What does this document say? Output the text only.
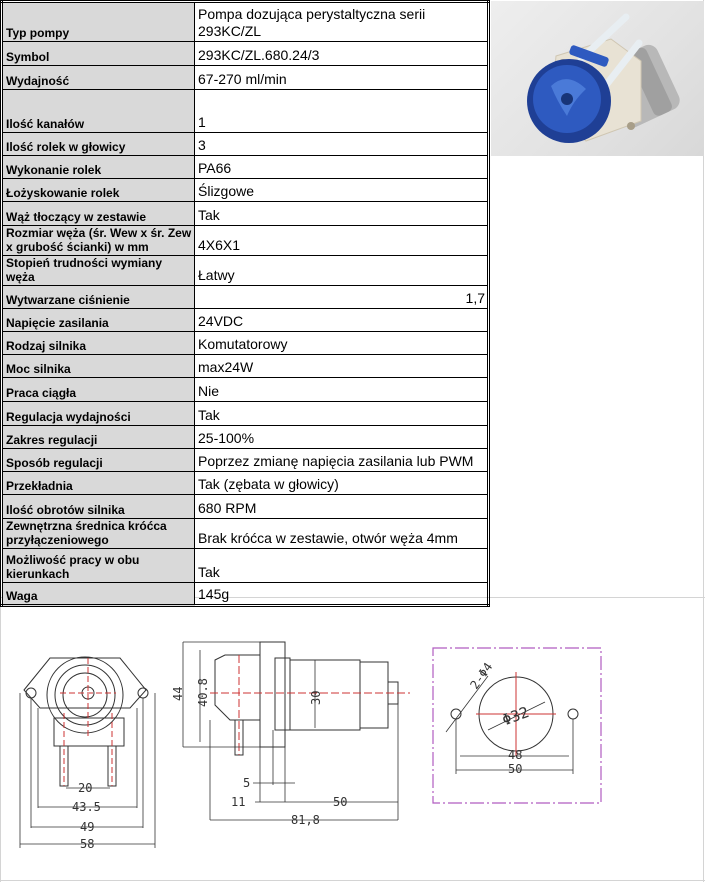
Typ pompy	Pompa dozująca perystaltyczna serii 293KC/ZL
Symbol	293KC/ZL.680.24/3
Wydajność	67-270 ml/min
Ilość kanałów	1
Ilość rolek w głowicy	3
Wykonanie rolek	PA66
Łożyskowanie rolek	Ślizgowe
Wąż tłoczący w zestawie	Tak
Rozmiar węża (śr. Wew x śr. Zew x grubość ścianki) w mm	4X6X1
Stopień trudności wymiany węża	Łatwy
Wytwarzane ciśnienie	1,7
Napięcie zasilania	24VDC
Rodzaj silnika	Komutatorowy
Moc silnika	max24W
Praca ciągła	Nie
Regulacja wydajności	Tak
Zakres regulacji	25-100%
Sposób regulacji	Poprzez zmianę napięcia zasilania lub PWM
Przekładnia	Tak (zębata w głowicy)
Ilość obrotów silnika	680 RPM
Zewnętrzna średnica króćca przyłączeniowego	Brak króćca w zestawie, otwór węża 4mm
Możliwość pracy w obu kierunkach	Tak
Waga	145g
20
43.5
49
58
44 40.8	30
5
11	50
81,8
2-Φ4
Φ32
48
50
